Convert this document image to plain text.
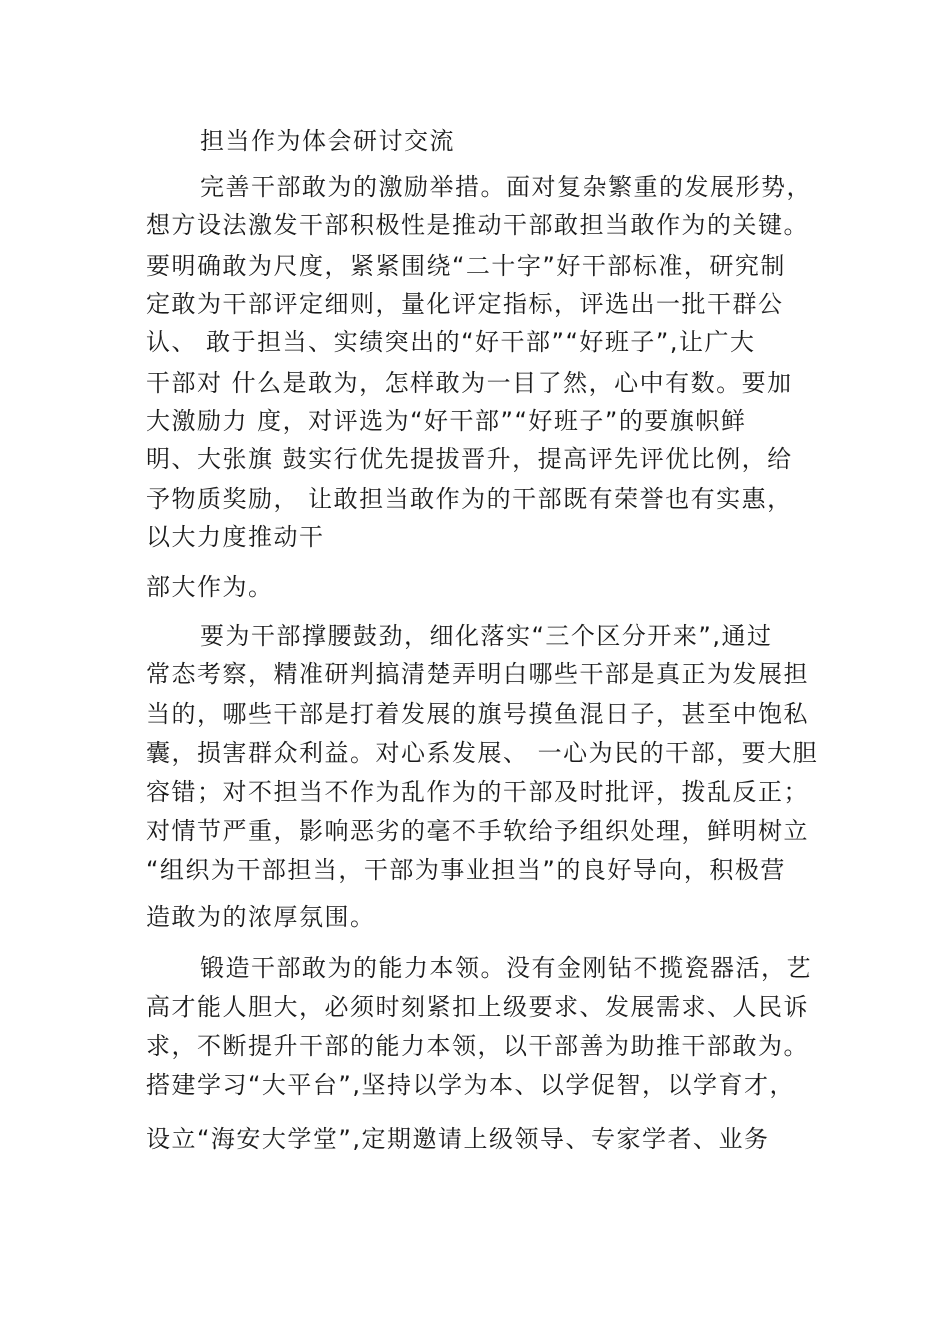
担当作为体会研讨交流
完善干部敢为的激励举措。面对复杂繁重的发展形势，
想方设法激发干部积极性是推动干部敢担当敢作为的关键。
要明确敢为尺度，紧紧围绕“二十字”好干部标准，研究制
定敢为干部评定细则，量化评定指标，评选出一批干群公
认、 敢于担当、实绩突出的“好干部”“好班子”,让广大
干部对 什么是敢为，怎样敢为一目了然，心中有数。要加
大激励力 度，对评选为“好干部”“好班子”的要旗帜鲜
明、大张旗 鼓实行优先提拔晋升，提高评先评优比例，给
予物质奖励， 让敢担当敢作为的干部既有荣誉也有实惠，
以大力度推动干
部大作为。
要为干部撑腰鼓劲，细化落实“三个区分开来”,通过
常态考察，精准研判搞清楚弄明白哪些干部是真正为发展担
当的，哪些干部是打着发展的旗号摸鱼混日子，甚至中饱私
囊，损害群众利益。对心系发展、 一心为民的干部，要大胆
容错；对不担当不作为乱作为的干部及时批评，拨乱反正；
对情节严重，影响恶劣的毫不手软给予组织处理，鲜明树立
“组织为干部担当，干部为事业担当”的良好导向，积极营
造敢为的浓厚氛围。
锻造干部敢为的能力本领。没有金刚钻不揽瓷器活，艺
高才能人胆大，必须时刻紧扣上级要求、发展需求、人民诉
求，不断提升干部的能力本领，以干部善为助推干部敢为。
搭建学习“大平台”,坚持以学为本、以学促智，以学育才，
设立“海安大学堂”,定期邀请上级领导、专家学者、业务
